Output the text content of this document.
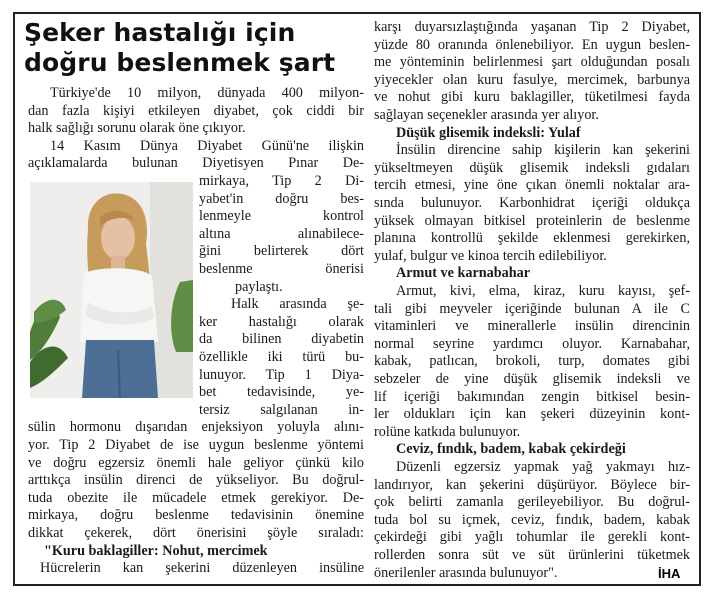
Şeker hastalığı için
doğru beslenmek şart
Türkiye'de 10 milyon, dünyada 400 milyon-
dan fazla kişiyi etkileyen diyabet, çok ciddi bir
halk sağlığı sorunu olarak öne çıkıyor.
14 Kasım Dünya Diyabet Günü'ne ilişkin
açıklamalarda bulunan Diyetisyen Pınar De-
mirkaya, Tip 2 Di-
yabet'in doğru bes-
lenmeyle kontrol
altına alınabilece-
ğini belirterek dört
beslenme önerisi
paylaştı.
Halk arasında şe-
ker hastalığı olarak
da bilinen diyabetin
özellikle iki türü bu-
lunuyor. Tip 1 Diya-
bet tedavisinde, ye-
tersiz salgılanan in-
sülin hormonu dışarıdan enjeksiyon yoluyla alını-
yor. Tip 2 Diyabet de ise uygun beslenme yöntemi
ve doğru egzersiz önemli hale geliyor çünkü kilo
arttıkça insülin direnci de yükseliyor. Bu doğrul-
tuda obezite ile mücadele etmek gerekiyor. De-
mirkaya, doğru beslenme tedavisinin önemine
dikkat çekerek, dört önerisini şöyle sıraladı:
"Kuru baklagiller: Nohut, mercimek
Hücrelerin kan şekerini düzenleyen insüline
karşı duyarsızlaştığında yaşanan Tip 2 Diyabet,
yüzde 80 oranında önlenebiliyor. En uygun beslen-
me yönteminin belirlenmesi şart olduğundan posalı
yiyecekler olan kuru fasulye, mercimek, barbunya
ve nohut gibi kuru baklagiller, tüketilmesi fayda
sağlayan seçenekler arasında yer alıyor.
Düşük glisemik indeksli: Yulaf
İnsülin direncine sahip kişilerin kan şekerini
yükseltmeyen düşük glisemik indeksli gıdaları
tercih etmesi, yine öne çıkan önemli noktalar ara-
sında bulunuyor. Karbonhidrat içeriği oldukça
yüksek olmayan bitkisel proteinlerin de beslenme
planına kontrollü şekilde eklenmesi gerekirken,
yulaf, bulgur ve kinoa tercih edilebiliyor.
Armut ve karnabahar
Armut, kivi, elma, kiraz, kuru kayısı, şef-
tali gibi meyveler içeriğinde bulunan A ile C
vitaminleri ve minerallerle insülin direncinin
normal seyrine yardımcı oluyor. Karnabahar,
kabak, patlıcan, brokoli, turp, domates gibi
sebzeler de yine düşük glisemik indeksli ve
lif içeriği bakımından zengin bitkisel besin-
ler oldukları için kan şekeri düzeyinin kont-
rolüne katkıda bulunuyor.
Ceviz, fındık, badem, kabak çekirdeği
Düzenli egzersiz yapmak yağ yakmayı hız-
landırıyor, kan şekerini düşürüyor. Böylece bir-
çok belirti zamanla gerileyebiliyor. Bu doğrul-
tuda bol su içmek, ceviz, fındık, badem, kabak
çekirdeği gibi yağlı tohumlar ile gerekli kont-
rollerden sonra süt ve süt ürünlerini tüketmek
önerilenler arasında bulunuyor".	İHA
